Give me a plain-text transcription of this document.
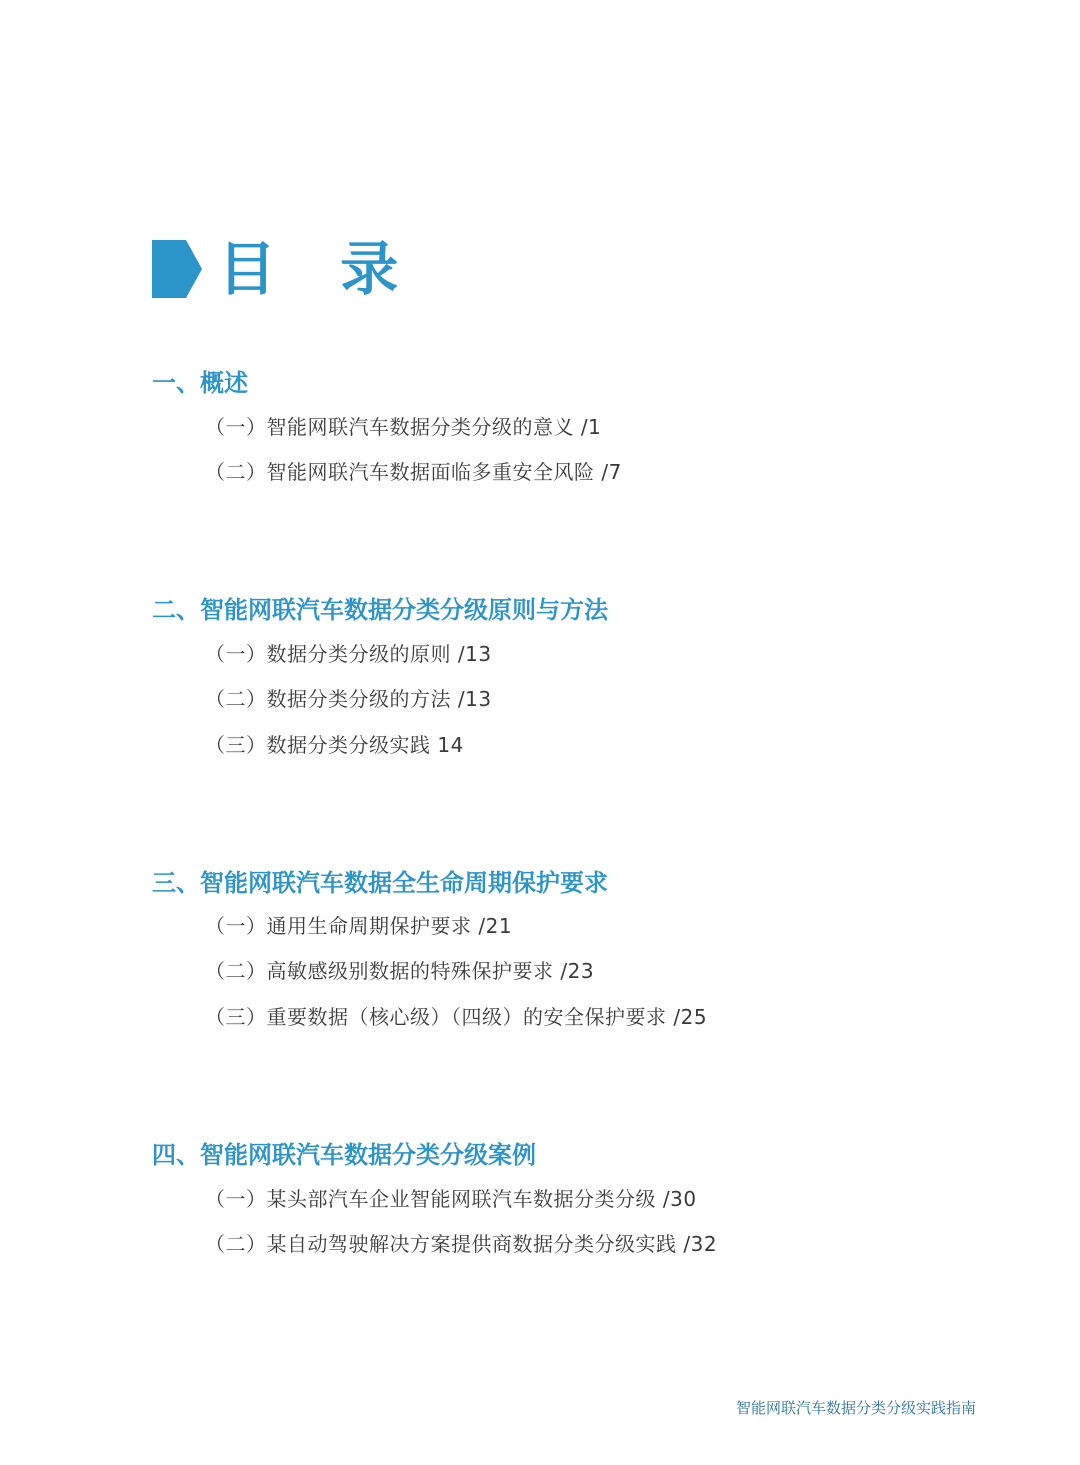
目 录
一、概述
（一）智能网联汽车数据分类分级的意义 /1
（二）智能网联汽车数据面临多重安全风险 /7
二、智能网联汽车数据分类分级原则与方法
（一）数据分类分级的原则 /13
（二）数据分类分级的方法 /13
（三）数据分类分级实践 14
三、智能网联汽车数据全生命周期保护要求
（一）通用生命周期保护要求 /21
（二）高敏感级别数据的特殊保护要求 /23
（三）重要数据（核心级）（四级）的安全保护要求 /25
四、智能网联汽车数据分类分级案例
（一）某头部汽车企业智能网联汽车数据分类分级 /30
（二）某自动驾驶解决方案提供商数据分类分级实践 /32
智能网联汽车数据分类分级实践指南
